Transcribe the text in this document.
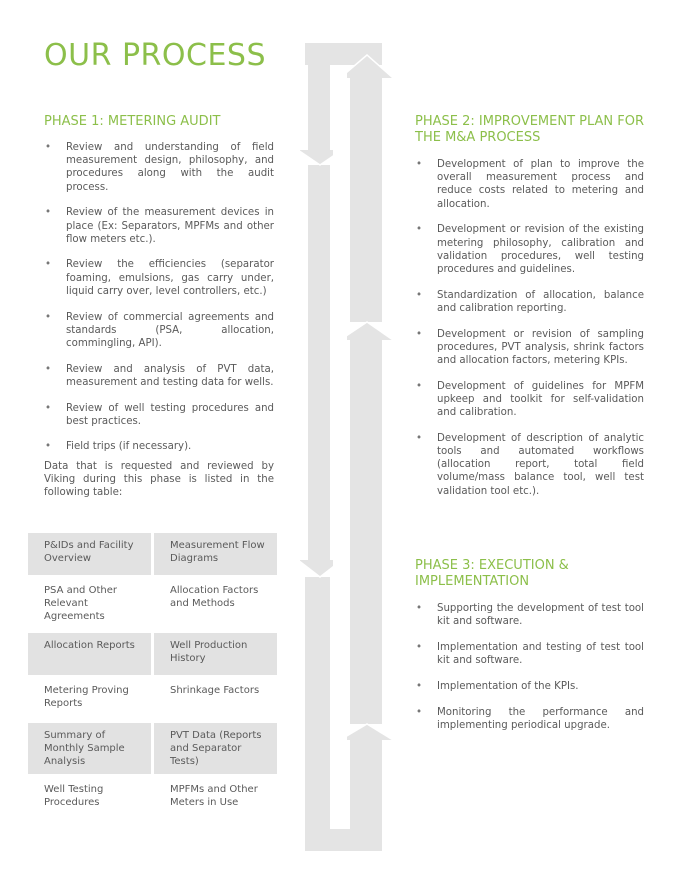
OUR PROCESS
PHASE 1: METERING AUDIT
• Review and understanding of field measurement design, philosophy, and procedures along with the audit process.
• Review of the measurement devices in place (Ex: Separators, MPFMs and other flow meters etc.).
• Review the efficiencies (separator foaming, emulsions, gas carry under, liquid carry over, level controllers, etc.)
• Review of commercial agreements and standards (PSA, allocation, commingling, API).
• Review and analysis of PVT data, measurement and testing data for wells.
• Review of well testing procedures and best practices.
• Field trips (if necessary).

Data that is requested and reviewed by Viking during this phase is listed in the following table:

P&IDs and Facility Overview	Measurement Flow Diagrams
PSA and Other Relevant Agreements	Allocation Factors and Methods
Allocation Reports	Well Production History
Metering Proving Reports	Shrinkage Factors
Summary of Monthly Sample Analysis	PVT Data (Reports and Separator Tests)
Well Testing Procedures	MPFMs and Other Meters in Use
PHASE 2: IMPROVEMENT PLAN FOR
THE M&A PROCESS
• Development of plan to improve the overall measurement process and reduce costs related to metering and allocation.
• Development or revision of the existing metering philosophy, calibration and validation procedures, well testing procedures and guidelines.
• Standardization of allocation, balance and calibration reporting.
• Development or revision of sampling procedures, PVT analysis, shrink factors and allocation factors, metering KPIs.
• Development of guidelines for MPFM upkeep and toolkit for self-validation and calibration.
• Development of description of analytic tools and automated workflows (allocation report, total field volume/mass balance tool, well test validation tool etc.).
PHASE 3: EXECUTION &
IMPLEMENTATION
• Supporting the development of test tool kit and software.
• Implementation and testing of test tool kit and software.
• Implementation of the KPIs.
• Monitoring the performance and implementing periodical upgrade.
